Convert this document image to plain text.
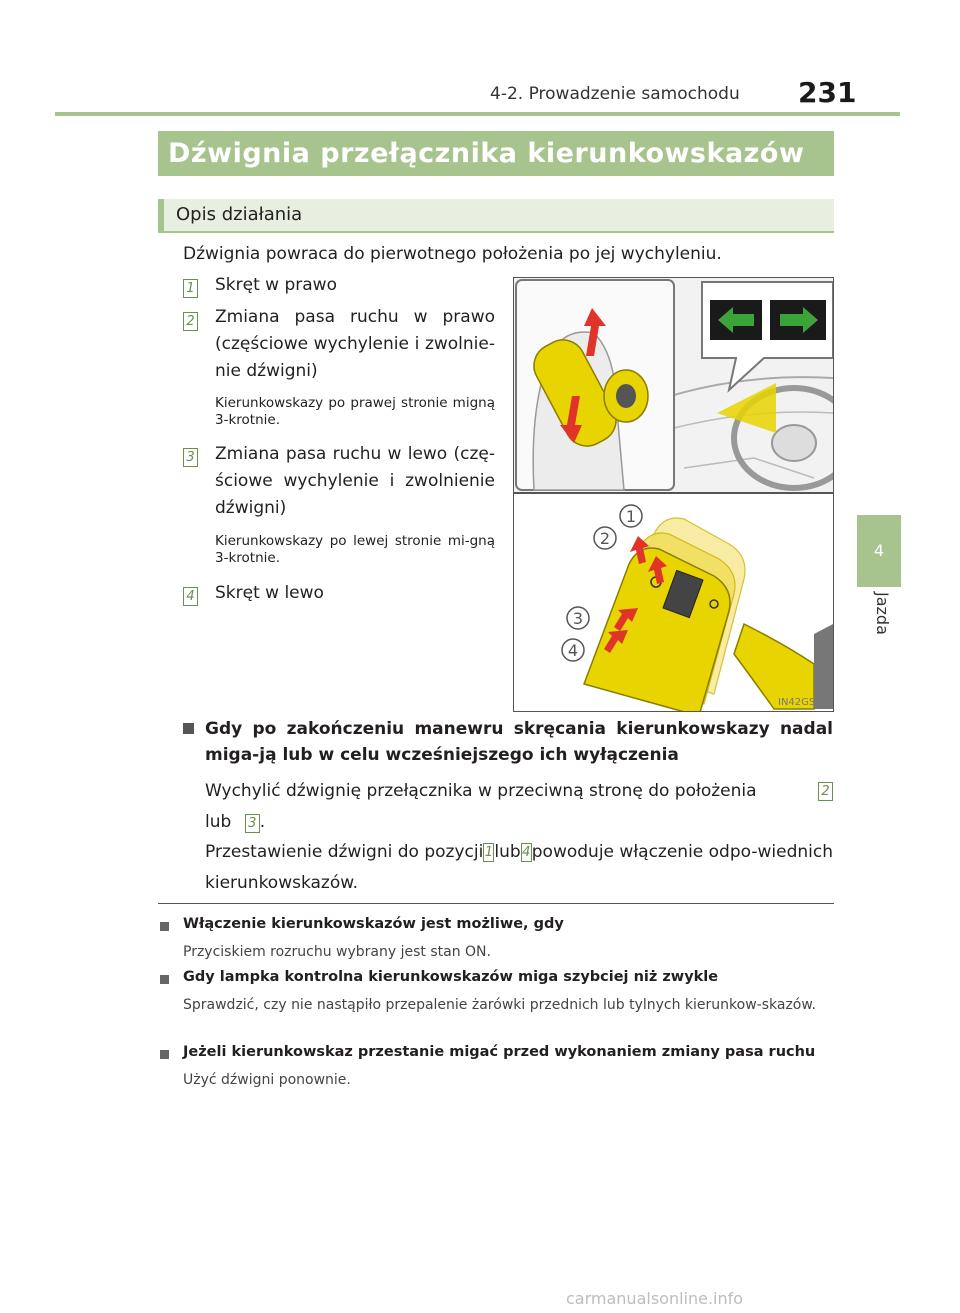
4-2. Prowadzenie samochodu 231
4
Jazda
Dźwignia przełącznika kierunkowskazów
Opis działania
Dźwignia powraca do pierwotnego położenia po jej wychyleniu.
1 Skręt w prawo
2 Zmiana pasa ruchu w prawo (częściowe wychylenie i zwolnie-nie dźwigni)
Kierunkowskazy po prawej stronie migną 3-krotnie.
3 Zmiana pasa ruchu w lewo (czę-ściowe wychylenie i zwolnienie dźwigni)
Kierunkowskazy po lewej stronie mi-gną 3-krotnie.
4 Skręt w lewo
1
2
3
4
IN42GS208
Gdy po zakończeniu manewru skręcania kierunkowskazy nadal miga-ją lub w celu wcześniejszego ich wyłączenia
Wychylić dźwignię przełącznika w przeciwną stronę do położenia	2
lub 3 .
Przestawienie dźwigni do pozycji 1 lub 4 powoduje włączenie odpo-wiednich
kierunkowskazów.
Włączenie kierunkowskazów jest możliwe, gdy
Przyciskiem rozruchu wybrany jest stan ON.
Gdy lampka kontrolna kierunkowskazów miga szybciej niż zwykle
Sprawdzić, czy nie nastąpiło przepalenie żarówki przednich lub tylnych kierunkow-skazów.
Jeżeli kierunkowskaz przestanie migać przed wykonaniem zmiany pasa ruchu
Użyć dźwigni ponownie.
carmanualsonline.info
